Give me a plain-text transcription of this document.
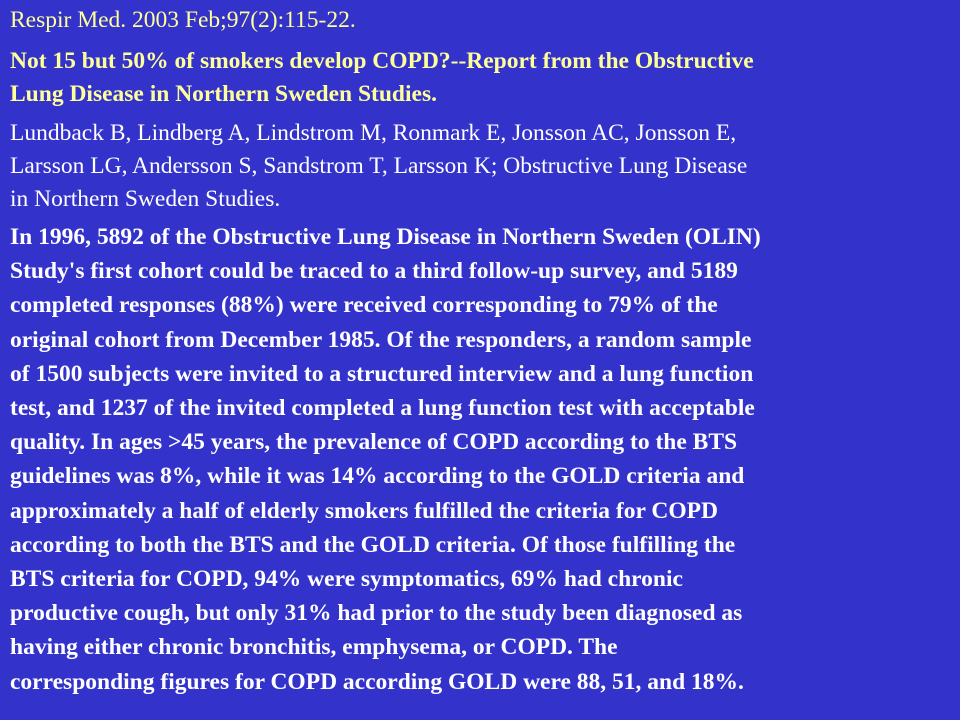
Respir Med. 2003 Feb;97(2):115-22.

Not 15 but 50% of smokers develop COPD?--Report from the Obstructive
Lung Disease in Northern Sweden Studies.

Lundback B, Lindberg A, Lindstrom M, Ronmark E, Jonsson AC, Jonsson E,
Larsson LG, Andersson S, Sandstrom T, Larsson K; Obstructive Lung Disease
in Northern Sweden Studies.

In 1996, 5892 of the Obstructive Lung Disease in Northern Sweden (OLIN)
Study's first cohort could be traced to a third follow-up survey, and 5189
completed responses (88%) were received corresponding to 79% of the
original cohort from December 1985. Of the responders, a random sample
of 1500 subjects were invited to a structured interview and a lung function
test, and 1237 of the invited completed a lung function test with acceptable
quality. In ages >45 years, the prevalence of COPD according to the BTS
guidelines was 8%, while it was 14% according to the GOLD criteria and
approximately a half of elderly smokers fulfilled the criteria for COPD
according to both the BTS and the GOLD criteria. Of those fulfilling the
BTS criteria for COPD, 94% were symptomatics, 69% had chronic
productive cough, but only 31% had prior to the study been diagnosed as
having either chronic bronchitis, emphysema, or COPD. The
corresponding figures for COPD according GOLD were 88, 51, and 18%.
